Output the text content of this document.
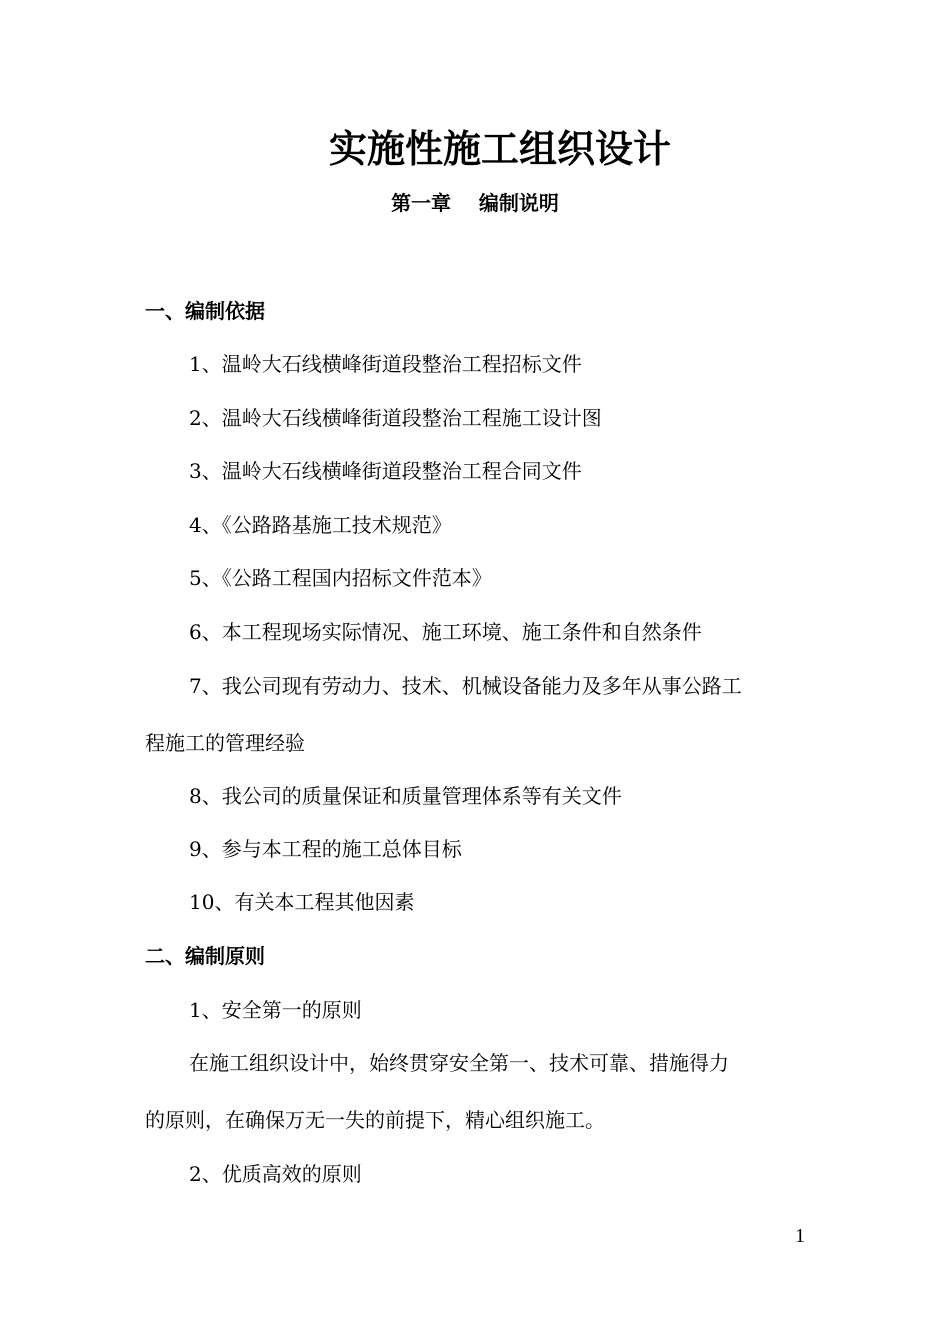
实施性施工组织设计
第一章    编制说明
一、编制依据
1、温岭大石线横峰街道段整治工程招标文件
2、温岭大石线横峰街道段整治工程施工设计图
3、温岭大石线横峰街道段整治工程合同文件
4、《公路路基施工技术规范》
5、《公路工程国内招标文件范本》
6、本工程现场实际情况、施工环境、施工条件和自然条件
7、我公司现有劳动力、技术、机械设备能力及多年从事公路工
程施工的管理经验
8、我公司的质量保证和质量管理体系等有关文件
9、参与本工程的施工总体目标
10、有关本工程其他因素
二、编制原则
1、安全第一的原则
在施工组织设计中，始终贯穿安全第一、技术可靠、措施得力
的原则，在确保万无一失的前提下，精心组织施工。
2、优质高效的原则
1
